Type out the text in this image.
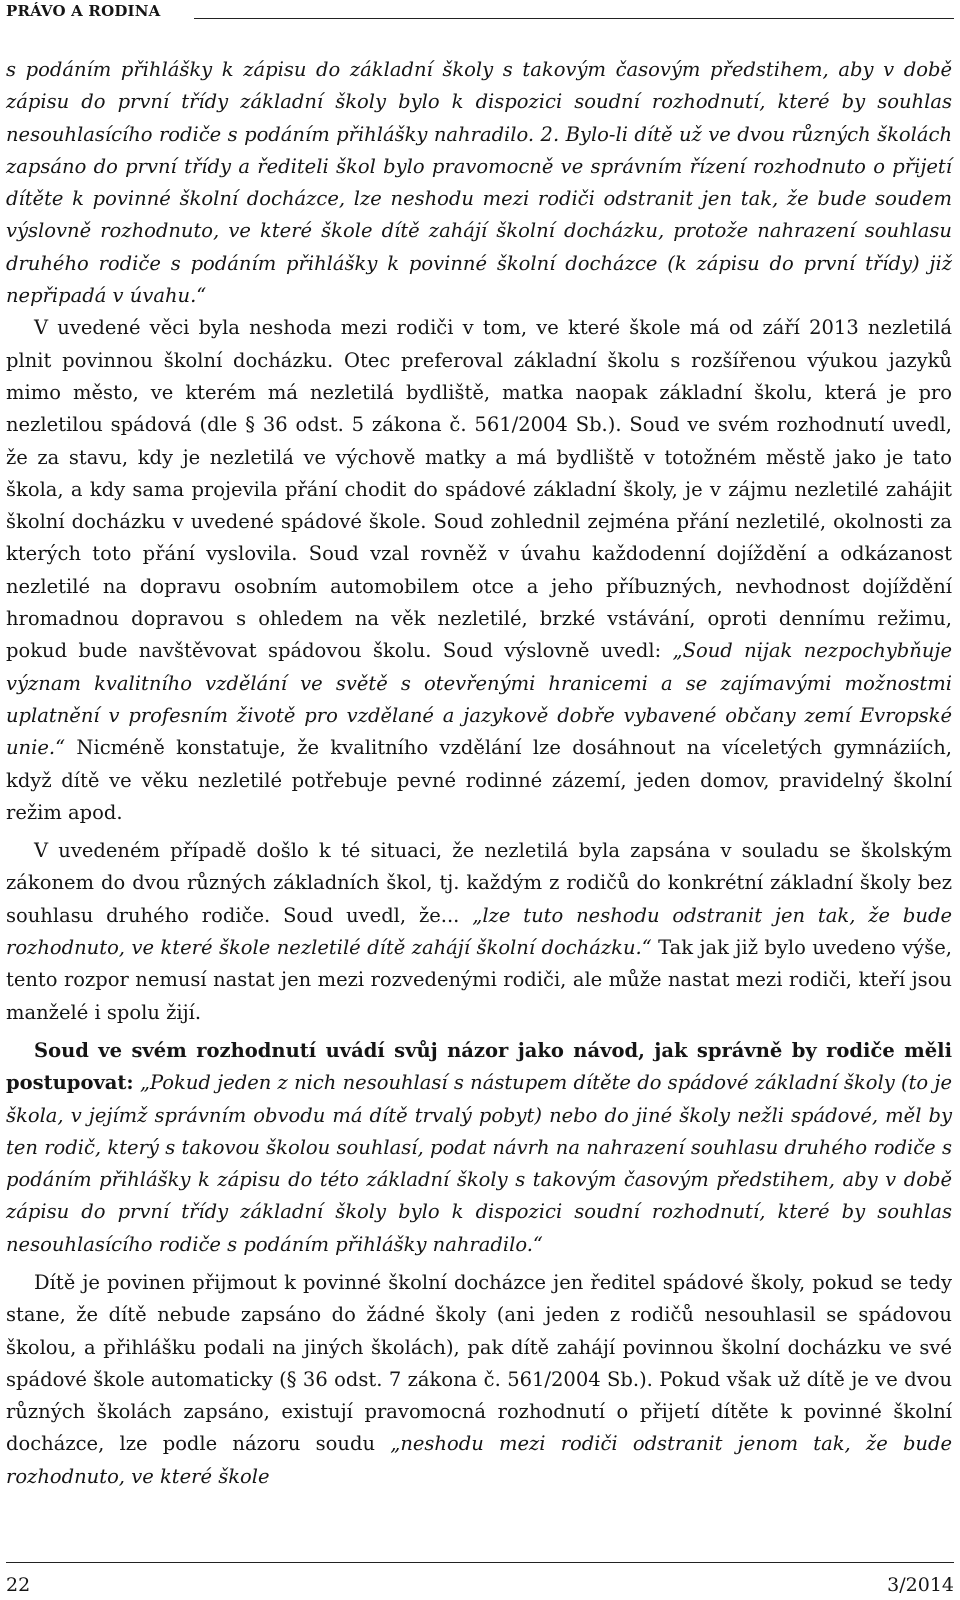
PRÁVO A RODINA

s podáním přihlášky k zápisu do základní školy s takovým časovým předstihem, aby v době zápisu do první třídy základní školy bylo k dispozici soudní rozhodnutí, které by souhlas nesouhlasícího rodiče s podáním přihlášky nahradilo. 2. Bylo-li dítě už ve dvou různých školách zapsáno do první třídy a řediteli škol bylo pravomocně ve správním řízení rozhodnuto o přijetí dítěte k povinné školní docházce, lze neshodu mezi rodiči odstranit jen tak, že bude soudem výslovně rozhodnuto, ve které škole dítě zahájí školní docházku, protože nahrazení souhlasu druhého rodiče s podáním přihlášky k povinné školní docházce (k zápisu do první třídy) již nepřipadá v úvahu.“

V uvedené věci byla neshoda mezi rodiči v tom, ve které škole má od září 2013 nezletilá plnit povinnou školní docházku. Otec preferoval základní školu s rozšířenou výukou jazyků mimo město, ve kterém má nezletilá bydliště, matka naopak základní školu, která je pro nezletilou spádová (dle § 36 odst. 5 zákona č. 561/2004 Sb.). Soud ve svém rozhodnutí uvedl, že za stavu, kdy je nezletilá ve výchově matky a má bydliště v totožném městě jako je tato škola, a kdy sama projevila přání chodit do spádové základní školy, je v zájmu nezletilé zahájit školní docházku v uvedené spádové škole. Soud zohlednil zejména přání nezletilé, okolnosti za kterých toto přání vyslovila. Soud vzal rovněž v úvahu každodenní dojíždění a odkázanost nezletilé na dopravu osobním automobilem otce a jeho příbuzných, nevhodnost dojíždění hromadnou dopravou s ohledem na věk nezletilé, brzké vstávání, oproti dennímu režimu, pokud bude navštěvovat spádovou školu. Soud výslovně uvedl: „Soud nijak nezpochybňuje význam kvalitního vzdělání ve světě s otevřenými hranicemi a se zajímavými možnostmi uplatnění v profesním životě pro vzdělané a jazykově dobře vybavené občany zemí Evropské unie.“ Nicméně konstatuje, že kvalitního vzdělání lze dosáhnout na víceletých gymnáziích, když dítě ve věku nezletilé potřebuje pevné rodinné zázemí, jeden domov, pravidelný školní režim apod.

V uvedeném případě došlo k té situaci, že nezletilá byla zapsána v souladu se školským zákonem do dvou různých základních škol, tj. každým z rodičů do konkrétní základní školy bez souhlasu druhého rodiče. Soud uvedl, že... „lze tuto neshodu odstranit jen tak, že bude rozhodnuto, ve které škole nezletilé dítě zahájí školní docházku.“ Tak jak již bylo uvedeno výše, tento rozpor nemusí nastat jen mezi rozvedenými rodiči, ale může nastat mezi rodiči, kteří jsou manželé i spolu žijí.

Soud ve svém rozhodnutí uvádí svůj názor jako návod, jak správně by rodiče měli postupovat: „Pokud jeden z nich nesouhlasí s nástupem dítěte do spádové základní školy (to je škola, v jejímž správním obvodu má dítě trvalý pobyt) nebo do jiné školy nežli spádové, měl by ten rodič, který s takovou školou souhlasí, podat návrh na nahrazení souhlasu druhého rodiče s podáním přihlášky k zápisu do této základní školy s takovým časovým předstihem, aby v době zápisu do první třídy základní školy bylo k dispozici soudní rozhodnutí, které by souhlas nesouhlasícího rodiče s podáním přihlášky nahradilo.“

Dítě je povinen přijmout k povinné školní docházce jen ředitel spádové školy, pokud se tedy stane, že dítě nebude zapsáno do žádné školy (ani jeden z rodičů nesouhlasil se spádovou školou, a přihlášku podali na jiných školách), pak dítě zahájí povinnou školní docházku ve své spádové škole automaticky (§ 36 odst. 7 zákona č. 561/2004 Sb.). Pokud však už dítě je ve dvou různých školách zapsáno, existují pravomocná rozhodnutí o přijetí dítěte k povinné školní docházce, lze podle názoru soudu „neshodu mezi rodiči odstranit jenom tak, že bude rozhodnuto, ve které škole

22	3/2014
